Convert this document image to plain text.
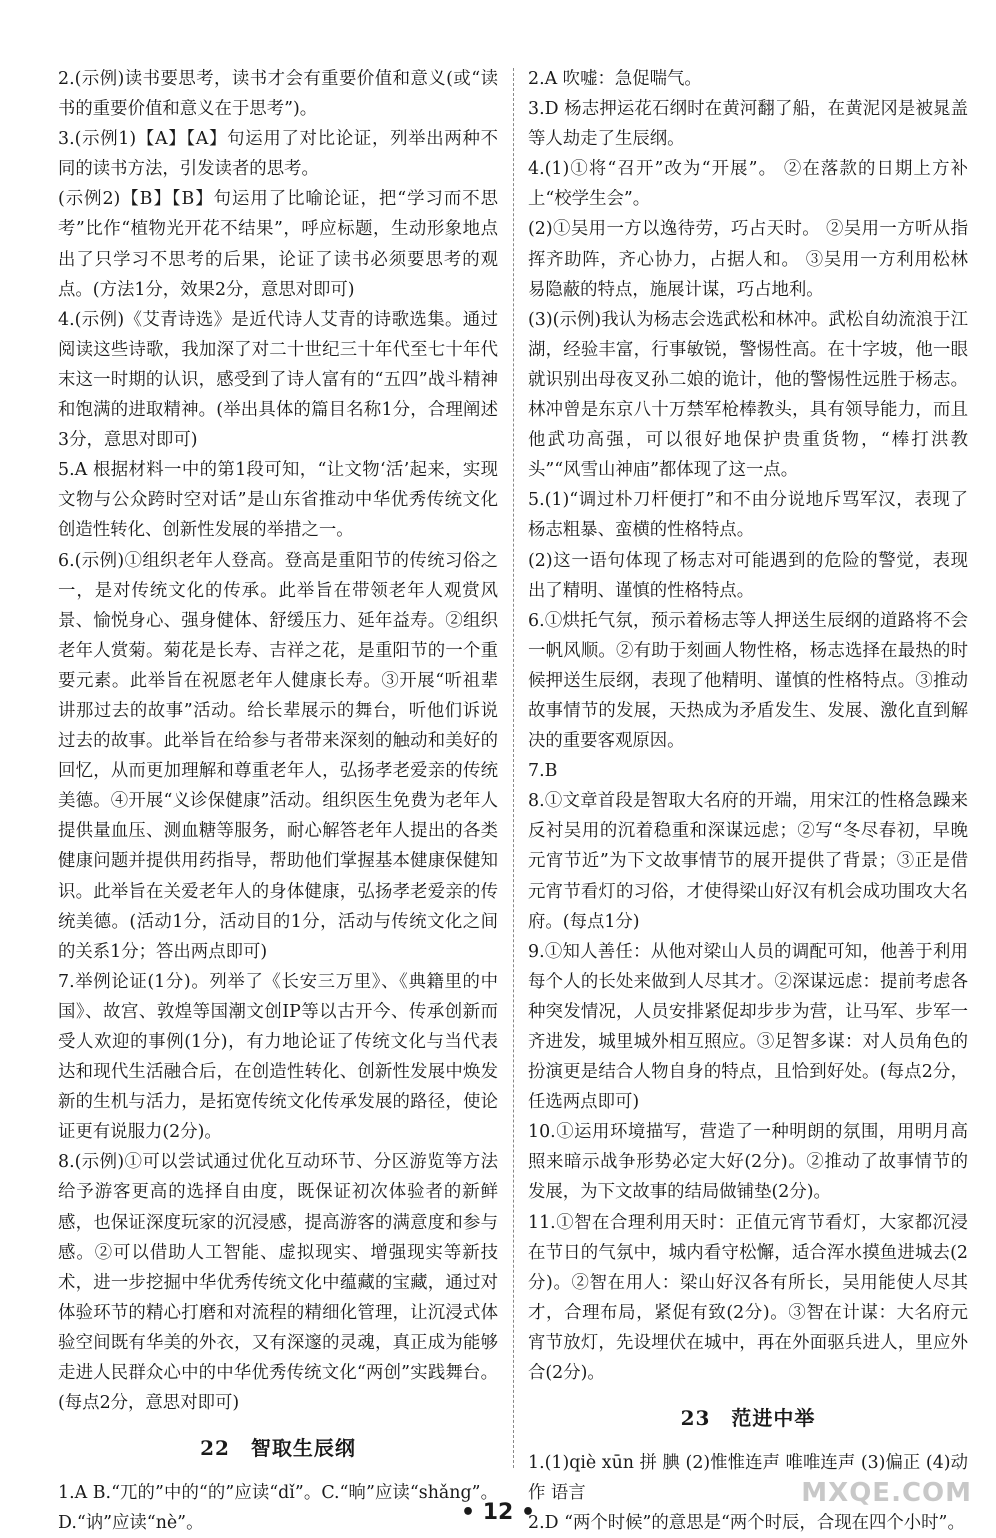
2.(示例)读书要思考，读书才会有重要价值和意义(或“读书的重要价值和意义在于思考”)。

3.(示例1)【A】【A】句运用了对比论证，列举出两种不同的读书方法，引发读者的思考。

(示例2)【B】【B】句运用了比喻论证，把“学习而不思考”比作“植物光开花不结果”，呼应标题，生动形象地点出了只学习不思考的后果，论证了读书必须要思考的观点。(方法1分，效果2分，意思对即可)

4.(示例)《艾青诗选》是近代诗人艾青的诗歌选集。通过阅读这些诗歌，我加深了对二十世纪三十年代至七十年代末这一时期的认识，感受到了诗人富有的“五四”战斗精神和饱满的进取精神。(举出具体的篇目名称1分，合理阐述3分，意思对即可)

5.A 根据材料一中的第1段可知，“让文物‘活’起来，实现文物与公众跨时空对话”是山东省推动中华优秀传统文化创造性转化、创新性发展的举措之一。

6.(示例)①组织老年人登高。登高是重阳节的传统习俗之一，是对传统文化的传承。此举旨在带领老年人观赏风景、愉悦身心、强身健体、舒缓压力、延年益寿。②组织老年人赏菊。菊花是长寿、吉祥之花，是重阳节的一个重要元素。此举旨在祝愿老年人健康长寿。③开展“听祖辈讲那过去的故事”活动。给长辈展示的舞台，听他们诉说过去的故事。此举旨在给参与者带来深刻的触动和美好的回忆，从而更加理解和尊重老年人，弘扬孝老爱亲的传统美德。④开展“义诊保健康”活动。组织医生免费为老年人提供量血压、测血糖等服务，耐心解答老年人提出的各类健康问题并提供用药指导，帮助他们掌握基本健康保健知识。此举旨在关爱老年人的身体健康，弘扬孝老爱亲的传统美德。(活动1分，活动目的1分，活动与传统文化之间的关系1分；答出两点即可)

7.举例论证(1分)。列举了《长安三万里》、《典籍里的中国》、故宫、敦煌等国潮文创IP等以古开今、传承创新而受人欢迎的事例(1分)，有力地论证了传统文化与当代表达和现代生活融合后，在创造性转化、创新性发展中焕发新的生机与活力，是拓宽传统文化传承发展的路径，使论证更有说服力(2分)。

8.(示例)①可以尝试通过优化互动环节、分区游览等方法给予游客更高的选择自由度，既保证初次体验者的新鲜感，也保证深度玩家的沉浸感，提高游客的满意度和参与感。②可以借助人工智能、虚拟现实、增强现实等新技术，进一步挖掘中华优秀传统文化中蕴藏的宝藏，通过对体验环节的精心打磨和对流程的精细化管理，让沉浸式体验空间既有华美的外衣，又有深邃的灵魂，真正成为能够走进人民群众心中的中华优秀传统文化“两创”实践舞台。(每点2分，意思对即可)

22　智取生辰纲

1.A B.“兀的”中的“的”应读“dǐ”。C.“晌”应读“shǎng”。D.“讷”应读“nè”。

2.A 吹嘘：急促喘气。

3.D 杨志押运花石纲时在黄河翻了船，在黄泥冈是被晁盖等人劫走了生辰纲。

4.(1)①将“召开”改为“开展”。 ②在落款的日期上方补上“校学生会”。

(2)①吴用一方以逸待劳，巧占天时。 ②吴用一方听从指挥齐助阵，齐心协力，占据人和。 ③吴用一方利用松林易隐蔽的特点，施展计谋，巧占地利。

(3)(示例)我认为杨志会选武松和林冲。武松自幼流浪于江湖，经验丰富，行事敏锐，警惕性高。在十字坡，他一眼就识别出母夜叉孙二娘的诡计，他的警惕性远胜于杨志。林冲曾是东京八十万禁军枪棒教头，具有领导能力，而且他武功高强，可以很好地保护贵重货物，“棒打洪教头”“风雪山神庙”都体现了这一点。

5.(1)“调过朴刀杆便打”和不由分说地斥骂军汉，表现了杨志粗暴、蛮横的性格特点。

(2)这一语句体现了杨志对可能遇到的危险的警觉，表现出了精明、谨慎的性格特点。

6.①烘托气氛，预示着杨志等人押送生辰纲的道路将不会一帆风顺。②有助于刻画人物性格，杨志选择在最热的时候押送生辰纲，表现了他精明、谨慎的性格特点。③推动故事情节的发展，天热成为矛盾发生、发展、激化直到解决的重要客观原因。

7.B

8.①文章首段是智取大名府的开端，用宋江的性格急躁来反衬吴用的沉着稳重和深谋远虑；②写“冬尽春初，早晚元宵节近”为下文故事情节的展开提供了背景；③正是借元宵节看灯的习俗，才使得梁山好汉有机会成功围攻大名府。(每点1分)

9.①知人善任：从他对梁山人员的调配可知，他善于利用每个人的长处来做到人尽其才。②深谋远虑：提前考虑各种突发情况，人员安排紧促却步步为营，让马军、步军一齐进发，城里城外相互照应。③足智多谋：对人员角色的扮演更是结合人物自身的特点，且恰到好处。(每点2分，任选两点即可)

10.①运用环境描写，营造了一种明朗的氛围，用明月高照来暗示战争形势必定大好(2分)。②推动了故事情节的发展，为下文故事的结局做铺垫(2分)。

11.①智在合理利用天时：正值元宵节看灯，大家都沉浸在节日的气氛中，城内看守松懈，适合浑水摸鱼进城去(2分)。②智在用人：梁山好汉各有所长，吴用能使人尽其才，合理布局，紧促有致(2分)。③智在计谋：大名府元宵节放灯，先设埋伏在城中，再在外面驱兵进人，里应外合(2分)。

23　范进中举

1.(1)qiè xūn 拼 腆 (2)惟惟连声 唯唯连声 (3)偏正 (4)动作 语言

2.D “两个时候”的意思是“两个时辰，合现在四个小时”。

MXQE.COM
• 12 •
